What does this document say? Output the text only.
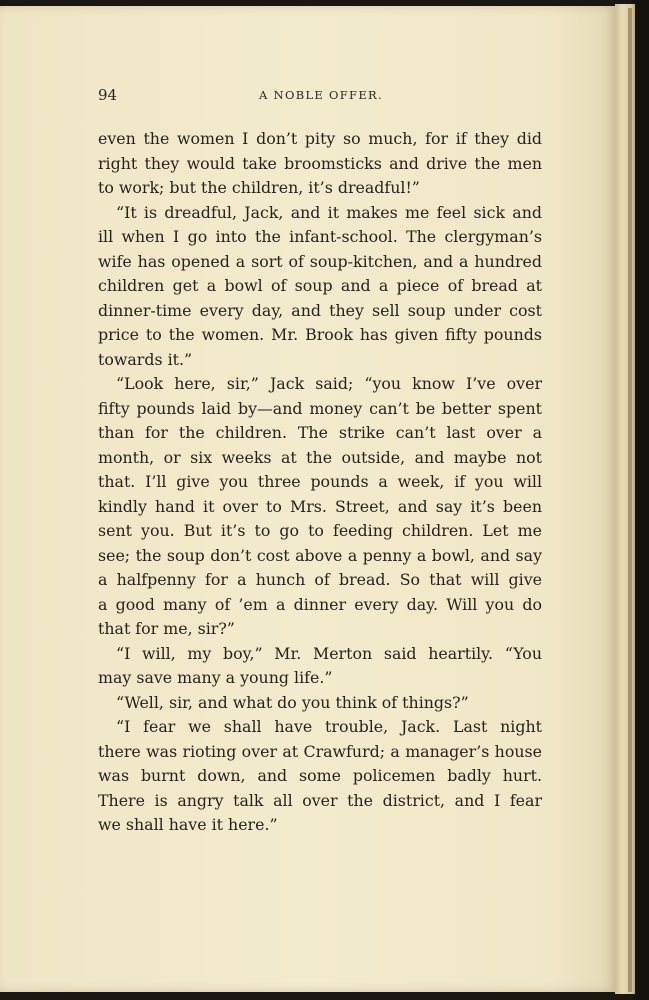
94	A NOBLE OFFER.
even the women I don’t pity so much, for if they did
right they would take broomsticks and drive the men
to work; but the children, it’s dreadful!”
“It is dreadful, Jack, and it makes me feel sick and
ill when I go into the infant-school. The clergyman’s
wife has opened a sort of soup-kitchen, and a hundred
children get a bowl of soup and a piece of bread at
dinner-time every day, and they sell soup under cost
price to the women. Mr. Brook has given fifty pounds
towards it.”
“Look here, sir,” Jack said; “you know I’ve over
fifty pounds laid by—and money can’t be better spent
than for the children. The strike can’t last over a
month, or six weeks at the outside, and maybe not
that. I’ll give you three pounds a week, if you will
kindly hand it over to Mrs. Street, and say it’s been
sent you. But it’s to go to feeding children. Let me
see; the soup don’t cost above a penny a bowl, and say
a halfpenny for a hunch of bread. So that will give
a good many of ’em a dinner every day. Will you do
that for me, sir?”
“I will, my boy,” Mr. Merton said heartily. “You
may save many a young life.”
“Well, sir, and what do you think of things?”
“I fear we shall have trouble, Jack. Last night
there was rioting over at Crawfurd; a manager’s house
was burnt down, and some policemen badly hurt.
There is angry talk all over the district, and I fear
we shall have it here.”
